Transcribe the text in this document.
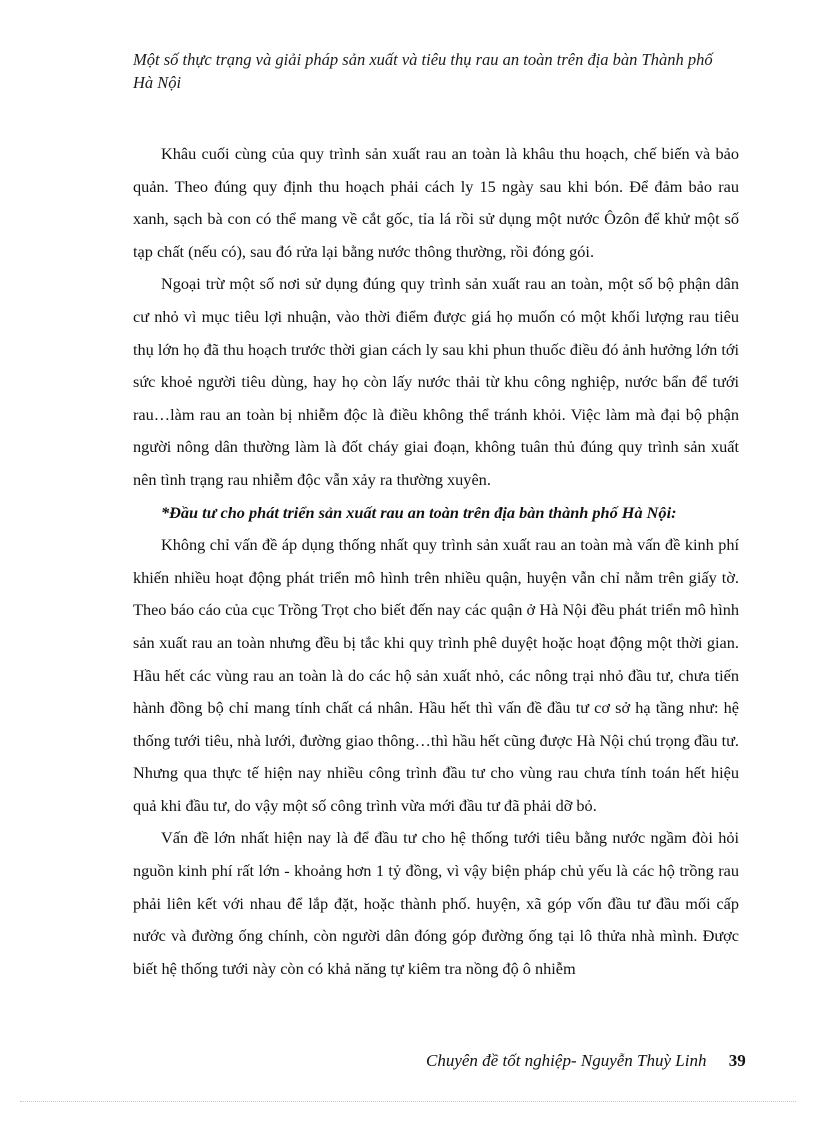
Một số thực trạng và giải pháp sản xuất và tiêu thụ rau an toàn trên địa bàn Thành phố Hà Nội

Khâu cuối cùng của quy trình sản xuất rau an toàn là khâu thu hoạch, chế biến và bảo quản. Theo đúng quy định thu hoạch phải cách ly 15 ngày sau khi bón. Để đảm bảo rau xanh, sạch bà con có thể mang về cắt gốc, tỉa lá rồi sử dụng một nước Ôzôn để khử một số tạp chất (nếu có), sau đó rửa lại bằng nước thông thường, rồi đóng gói.

Ngoại trừ một số nơi sử dụng đúng quy trình sản xuất rau an toàn, một số bộ phận dân cư nhỏ vì mục tiêu lợi nhuận, vào thời điểm được giá họ muốn có một khối lượng rau tiêu thụ lớn họ đã thu hoạch trước thời gian cách ly sau khi phun thuốc điều đó ảnh hưởng lớn tới sức khoẻ người tiêu dùng, hay họ còn lấy nước thải từ khu công nghiệp, nước bẩn để tưới rau…làm rau an toàn bị nhiễm độc là điều không thể tránh khỏi. Việc làm mà đại bộ phận người nông dân thường làm là đốt cháy giai đoạn, không tuân thủ đúng quy trình sản xuất nên tình trạng rau nhiễm độc vẫn xảy ra thường xuyên.

*Đầu tư cho phát triển sản xuất rau an toàn trên địa bàn thành phố Hà Nội:

Không chỉ vấn đề áp dụng thống nhất quy trình sản xuất rau an toàn mà vấn đề kinh phí khiến nhiều hoạt động phát triển mô hình trên nhiều quận, huyện vẫn chỉ nằm trên giấy tờ. Theo báo cáo của cục Trồng Trọt cho biết đến nay các quận ở Hà Nội đều phát triển mô hình sản xuất rau an toàn nhưng đều bị tắc khi quy trình phê duyệt hoặc hoạt động một thời gian. Hầu hết các vùng rau an toàn là do các hộ sản xuất nhỏ, các nông trại nhỏ đầu tư, chưa tiến hành đồng bộ chỉ mang tính chất cá nhân. Hầu hết thì vấn đề đầu tư cơ sở hạ tầng như: hệ thống tưới tiêu, nhà lưới, đường giao thông…thì hầu hết cũng được Hà Nội chú trọng đầu tư. Nhưng qua thực tế hiện nay nhiều công trình đầu tư cho vùng rau chưa tính toán hết hiệu quả khi đầu tư, do vậy một số công trình vừa mới đầu tư đã phải dỡ bỏ.

Vấn đề lớn nhất hiện nay là để đầu tư cho hệ thống tưới tiêu bằng nước ngầm đòi hỏi nguồn kinh phí rất lớn - khoảng hơn 1 tỷ đồng, vì vậy biện pháp chủ yếu là các hộ trồng rau phải liên kết với nhau để lắp đặt, hoặc thành phố. huyện, xã góp vốn đầu tư đầu mối cấp nước và đường ống chính, còn người dân đóng góp đường ống tại lô thửa nhà mình. Được biết hệ thống tưới này còn có khả năng tự kiêm tra nồng độ ô nhiễm

Chuyên đề tốt nghiệp- Nguyễn Thuỳ Linh 39
